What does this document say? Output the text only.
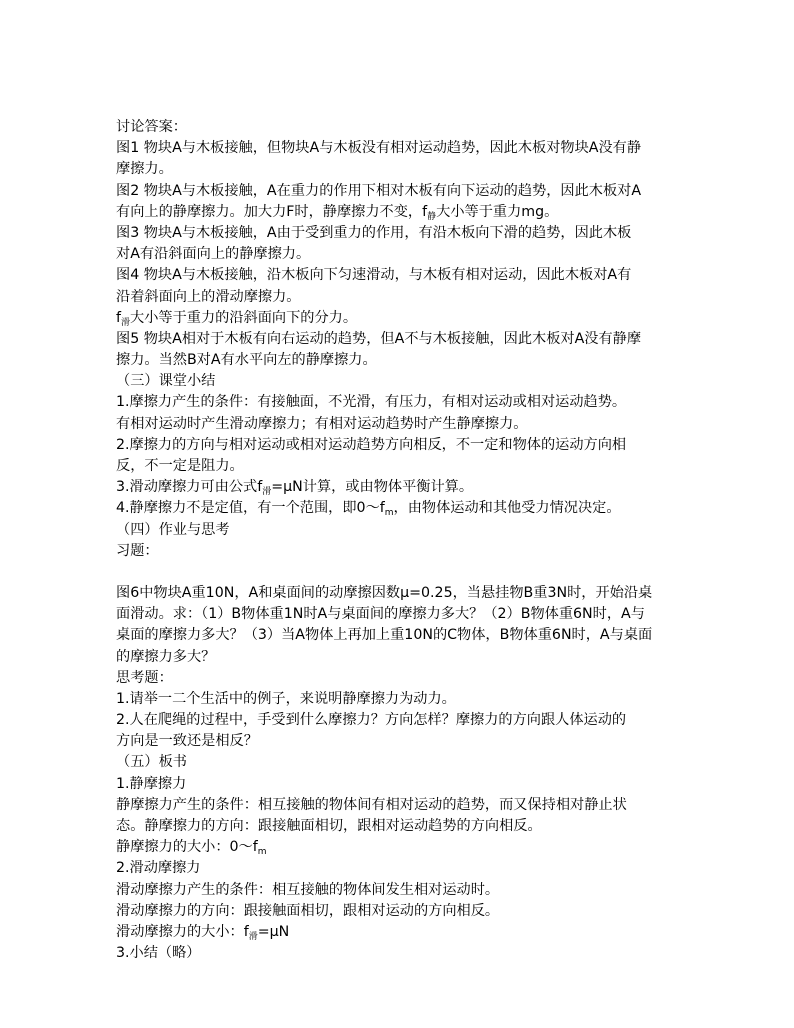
讨论答案：
图1 物块A与木板接触，但物块A与木板没有相对运动趋势，因此木板对物块A没有静
摩擦力。
图2 物块A与木板接触，A在重力的作用下相对木板有向下运动的趋势，因此木板对A
有向上的静摩擦力。加大力F时，静摩擦力不变，$f_静$大小等于重力mg。
图3 物块A与木板接触，A由于受到重力的作用，有沿木板向下滑的趋势，因此木板
对A有沿斜面向上的静摩擦力。
图4 物块A与木板接触，沿木板向下匀速滑动，与木板有相对运动，因此木板对A有
沿着斜面向上的滑动摩擦力。
$f_滑$大小等于重力的沿斜面向下的分力。
图5 物块A相对于木板有向右运动的趋势，但A不与木板接触，因此木板对A没有静摩
擦力。当然B对A有水平向左的静摩擦力。
（三）课堂小结
1.摩擦力产生的条件：有接触面，不光滑，有压力，有相对运动或相对运动趋势。
有相对运动时产生滑动摩擦力；有相对运动趋势时产生静摩擦力。
2.摩擦力的方向与相对运动或相对运动趋势方向相反，不一定和物体的运动方向相
反，不一定是阻力。
3.滑动摩擦力可由公式$f_滑=\mu N$计算，或由物体平衡计算。
4.静摩擦力不是定值，有一个范围，即$0\sim f_m$，由物体运动和其他受力情况决定。
（四）作业与思考
习题：
图6中物块A重10N，A和桌面间的动摩擦因数μ=0.25，当悬挂物B重3N时，开始沿桌
面滑动。求：（1）B物体重1N时A与桌面间的摩擦力多大？（2）B物体重6N时，A与
桌面的摩擦力多大？（3）当A物体上再加上重10N的C物体，B物体重6N时，A与桌面
的摩擦力多大？
思考题：
1.请举一二个生活中的例子，来说明静摩擦力为动力。
2.人在爬绳的过程中，手受到什么摩擦力？方向怎样？摩擦力的方向跟人体运动的
方向是一致还是相反？
（五）板书
1.静摩擦力
静摩擦力产生的条件：相互接触的物体间有相对运动的趋势，而又保持相对静止状
态。静摩擦力的方向：跟接触面相切，跟相对运动趋势的方向相反。
静摩擦力的大小：$0\sim f_m$
2.滑动摩擦力
滑动摩擦力产生的条件：相互接触的物体间发生相对运动时。
滑动摩擦力的方向：跟接触面相切，跟相对运动的方向相反。
滑动摩擦力的大小：$f_滑=\mu N$
3.小结（略）
